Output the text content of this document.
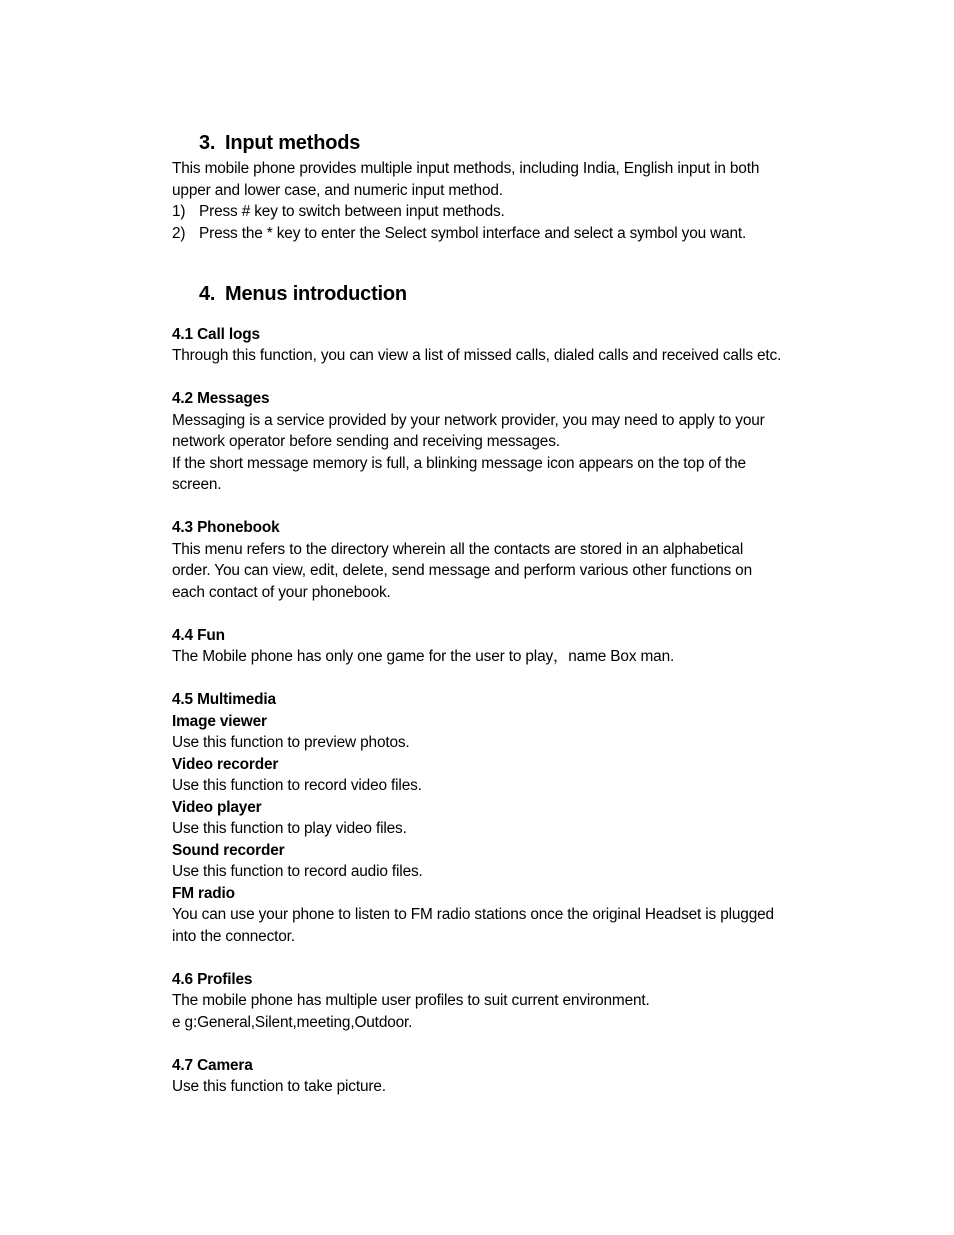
3. Input methods

This mobile phone provides multiple input methods, including India, English input in both upper and lower case, and numeric input method.

1) Press # key to switch between input methods.
2) Press the * key to enter the Select symbol interface and select a symbol you want.
4. Menus introduction

4.1 Call logs

Through this function, you can view a list of missed calls, dialed calls and received calls etc.

4.2 Messages

Messaging is a service provided by your network provider, you may need to apply to your network operator before sending and receiving messages.

If the short message memory is full, a blinking message icon appears on the top of the screen.

4.3 Phonebook

This menu refers to the directory wherein all the contacts are stored in an alphabetical order. You can view, edit, delete, send message and perform various other functions on each contact of your phonebook.

4.4 Fun

The Mobile phone has only one game for the user to play，name Box man.

4.5 Multimedia

Image viewer

Use this function to preview photos.

Video recorder

Use this function to record video files.

Video player

Use this function to play video files.

Sound recorder

Use this function to record audio files.

FM radio

You can use your phone to listen to FM radio stations once the original Headset is plugged into the connector.

4.6 Profiles

The mobile phone has multiple user profiles to suit current environment.

e g:General,Silent,meeting,Outdoor.

4.7 Camera

Use this function to take picture.
